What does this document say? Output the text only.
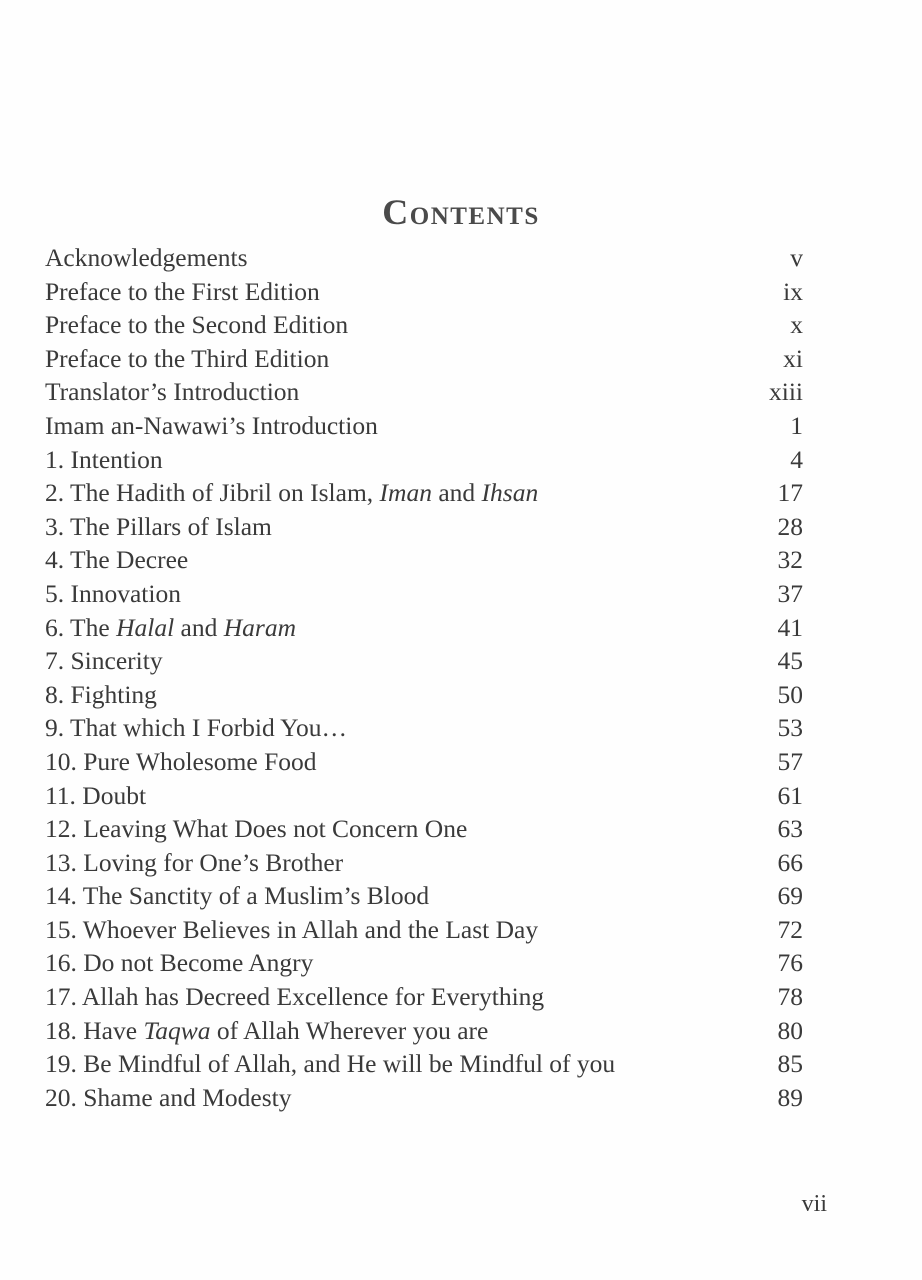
Contents
Acknowledgements	v
Preface to the First Edition	ix
Preface to the Second Edition	x
Preface to the Third Edition	xi
Translator’s Introduction	xiii
Imam an-Nawawi’s Introduction	1
1. Intention	4
2. The Hadith of Jibril on Islam, Iman and Ihsan	17
3. The Pillars of Islam	28
4. The Decree	32
5. Innovation	37
6. The Halal and Haram	41
7. Sincerity	45
8. Fighting	50
9. That which I Forbid You…	53
10. Pure Wholesome Food	57
11. Doubt	61
12. Leaving What Does not Concern One	63
13. Loving for One’s Brother	66
14. The Sanctity of a Muslim’s Blood	69
15. Whoever Believes in Allah and the Last Day	72
16. Do not Become Angry	76
17. Allah has Decreed Excellence for Everything	78
18. Have Taqwa of Allah Wherever you are	80
19. Be Mindful of Allah, and He will be Mindful of you	85
20. Shame and Modesty	89
vii
